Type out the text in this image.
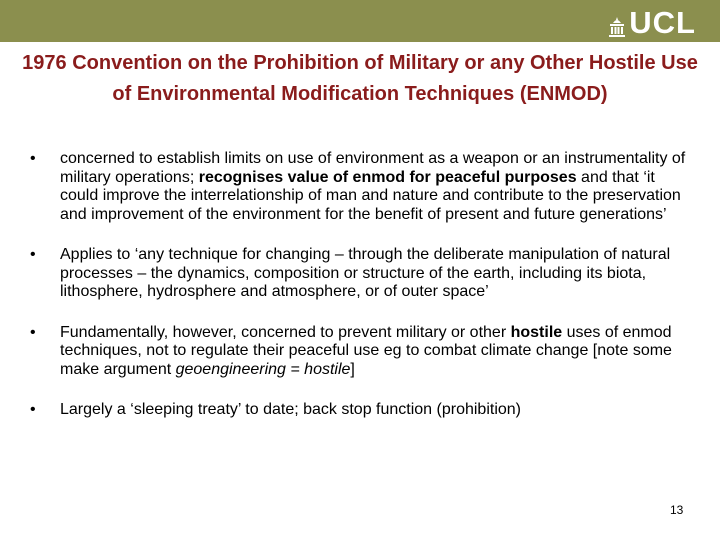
UCL
1976 Convention on the Prohibition of Military or any Other Hostile Use of Environmental Modification Techniques (ENMOD)
• concerned to establish limits on use of environment as a weapon or an instrumentality of military operations; recognises value of enmod for peaceful purposes and that ‘it could improve the interrelationship of man and nature and contribute to the preservation and improvement of the environment for the benefit of present and future generations’
• Applies to ‘any technique for changing – through the deliberate manipulation of natural processes – the dynamics, composition or structure of the earth, including its biota, lithosphere, hydrosphere and atmosphere, or of outer space’
• Fundamentally, however, concerned to prevent military or other hostile uses of enmod techniques, not to regulate their peaceful use eg to combat climate change [note some make argument geoengineering = hostile]
• Largely a ‘sleeping treaty’ to date; back stop function (prohibition)
13
